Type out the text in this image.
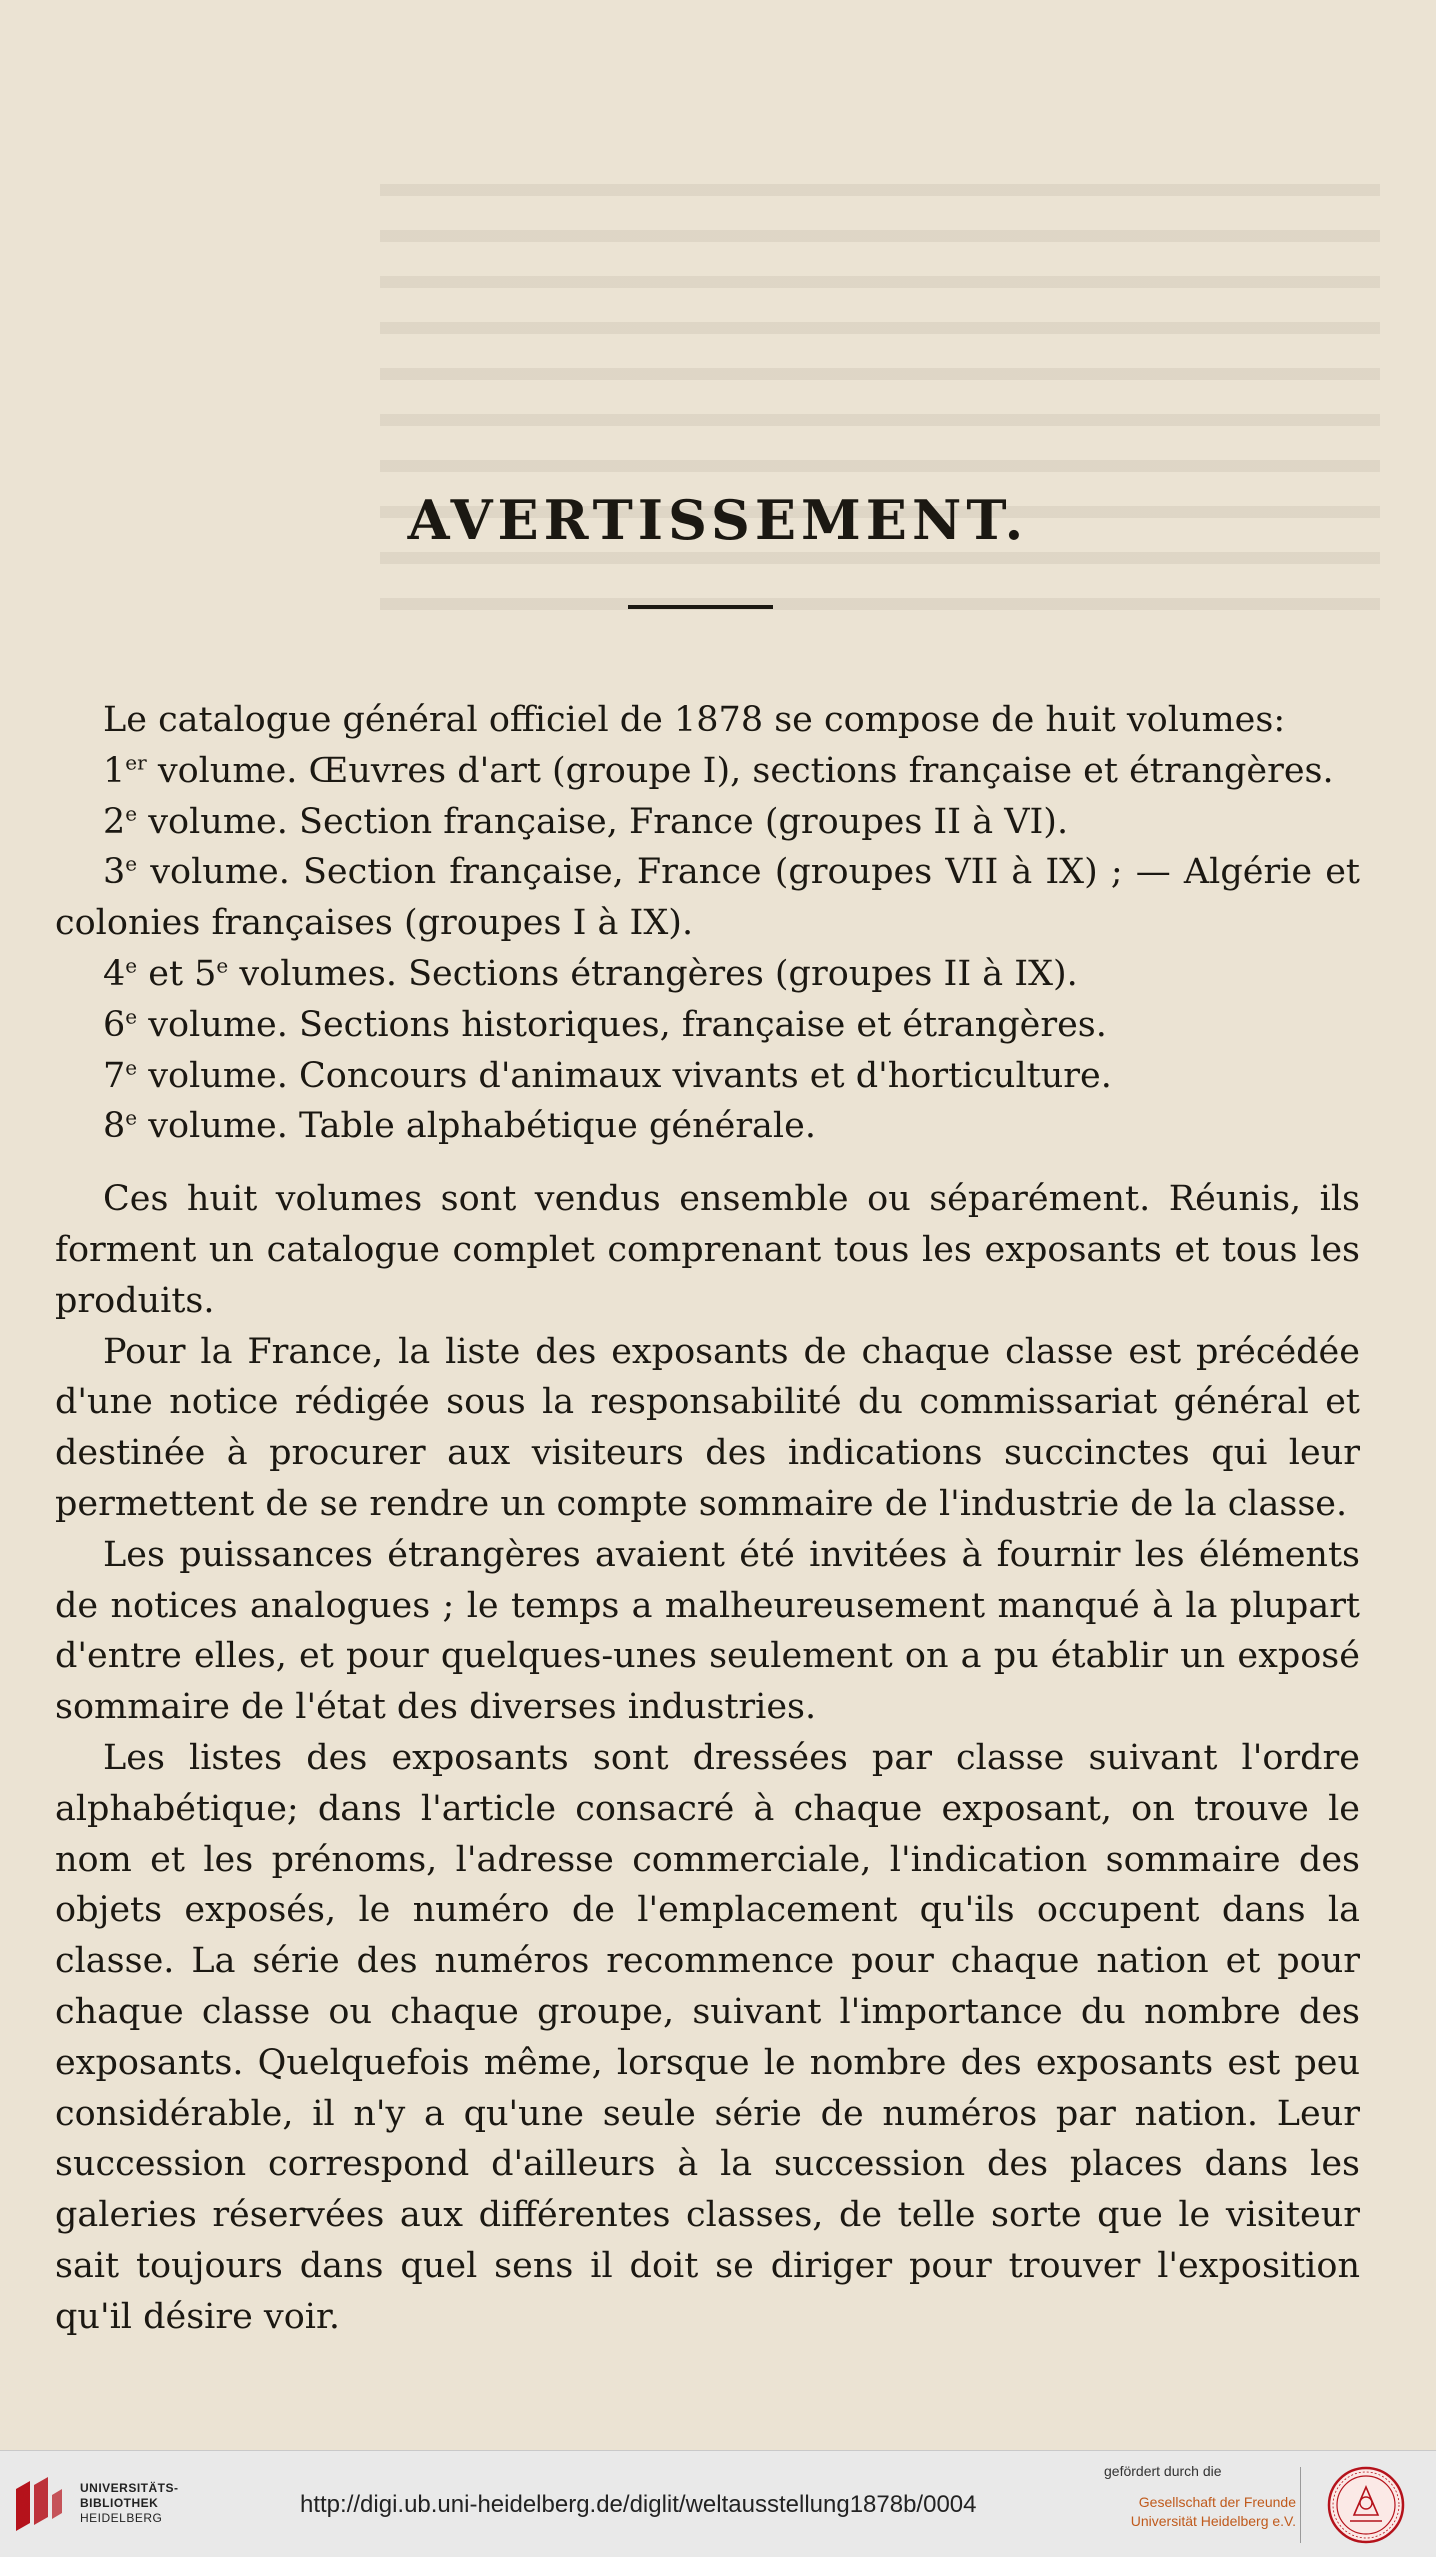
AVERTISSEMENT.

Le catalogue général officiel de 1878 se compose de huit volumes:

1er volume. Œuvres d'art (groupe I), sections française et étrangères.
2e volume. Section française, France (groupes II à VI).

3e volume. Section française, France (groupes VII à IX) ; — Algérie et colonies françaises (groupes I à IX).

4e et 5e volumes. Sections étrangères (groupes II à IX).
6e volume. Sections historiques, française et étrangères.
7e volume. Concours d'animaux vivants et d'horticulture.
8e volume. Table alphabétique générale.

Ces huit volumes sont vendus ensemble ou séparément. Réunis, ils forment un catalogue complet comprenant tous les exposants et tous les produits.

Pour la France, la liste des exposants de chaque classe est précédée d'une notice rédigée sous la responsabilité du commissariat général et destinée à procurer aux visiteurs des indications succinctes qui leur permettent de se rendre un compte sommaire de l'industrie de la classe.

Les puissances étrangères avaient été invitées à fournir les éléments de notices analogues ; le temps a malheureusement manqué à la plupart d'entre elles, et pour quelques-unes seulement on a pu établir un exposé sommaire de l'état des diverses industries.

Les listes des exposants sont dressées par classe suivant l'ordre alphabétique; dans l'article consacré à chaque exposant, on trouve le nom et les prénoms, l'adresse commerciale, l'indication sommaire des objets exposés, le numéro de l'emplacement qu'ils occupent dans la classe. La série des numéros recommence pour chaque nation et pour chaque classe ou chaque groupe, suivant l'importance du nombre des exposants. Quelquefois même, lorsque le nombre des exposants est peu considérable, il n'y a qu'une seule série de numéros par nation. Leur succession correspond d'ailleurs à la succession des places dans les galeries réservées aux différentes classes, de telle sorte que le visiteur sait toujours dans quel sens il doit se diriger pour trouver l'exposition qu'il désire voir.

UNIVERSITÄTS-
BIBLIOTHEK
HEIDELBERG	http://digi.ub.uni-heidelberg.de/diglit/weltausstellung1878b/0004
gefördert durch die
Gesellschaft der Freunde
Universität Heidelberg e.V.
